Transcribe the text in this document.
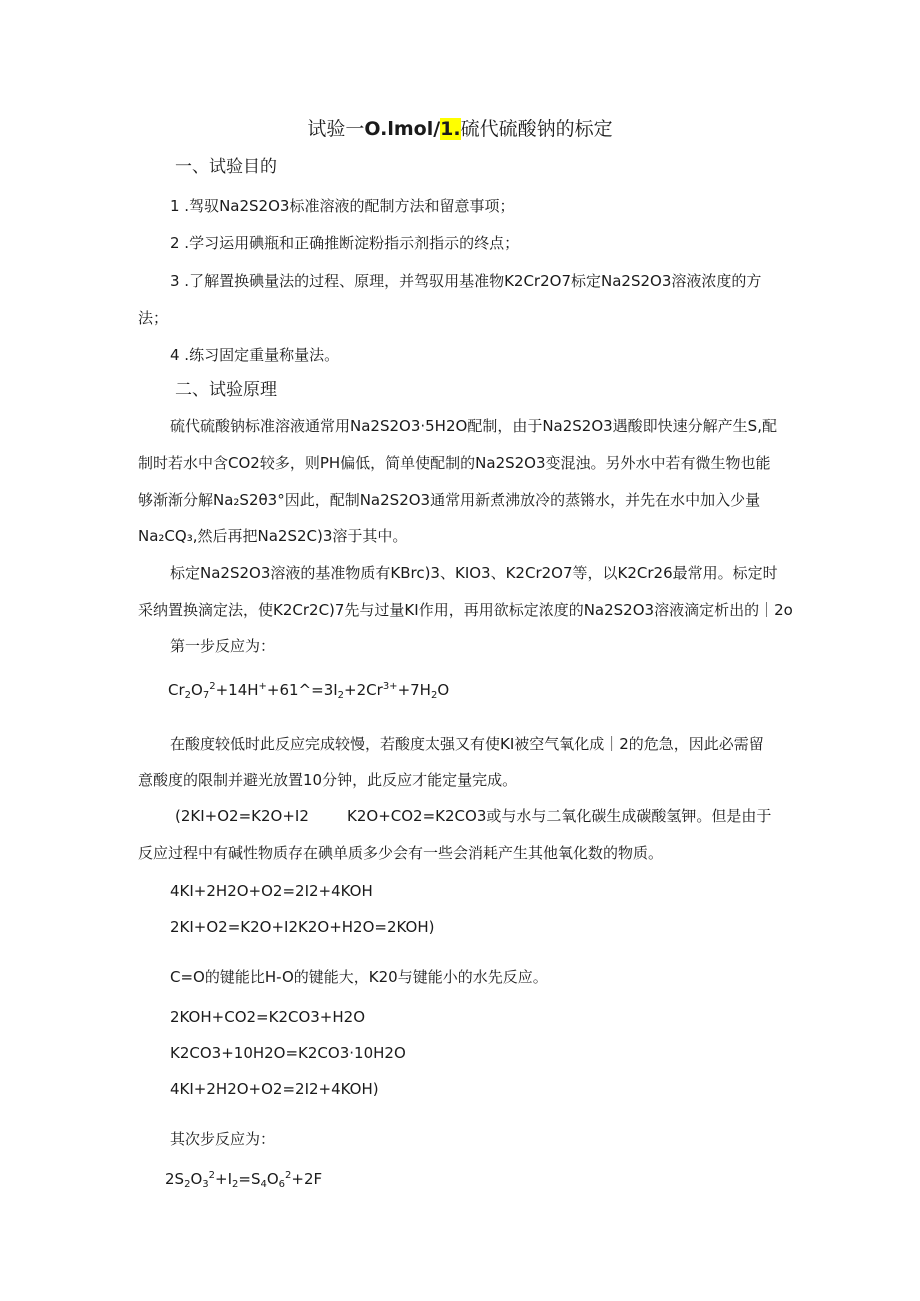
试验一O.lmol/1.硫代硫酸钠的标定
一、试验目的
1 .驾驭Na2S2O3标准溶液的配制方法和留意事项；
2 .学习运用碘瓶和正确推断淀粉指示剂指示的终点；
3 .了解置换碘量法的过程、原理，并驾驭用基准物K2Cr2O7标定Na2S2O3溶液浓度的方
法；
4 .练习固定重量称量法。
二、试验原理
硫代硫酸钠标准溶液通常用Na2S2O3·5H2O配制，由于Na2S2O3遇酸即快速分解产生S,配
制时若水中含CO2较多，则PH偏低，简单使配制的Na2S2O3变混浊。另外水中若有微生物也能
够渐渐分解Na₂S2θ3°因此，配制Na2S2O3通常用新煮沸放冷的蒸锵水，并先在水中加入少量
Na₂CQ₃,然后再把Na2S2C)3溶于其中。
标定Na2S2O3溶液的基准物质有KBrc)3、KIO3、K2Cr2O7等，以K2Cr26最常用。标定时
采纳置换滴定法，使K2Cr2C)7先与过量KI作用，再用欲标定浓度的Na2S2O3溶液滴定析出的｜2o
第一步反应为：
$Cr_2O_7^2+14H^++61\^{}=3I_2+2Cr^{3+}+7H_2O$
在酸度较低时此反应完成较慢，若酸度太强又有使KI被空气氧化成｜2的危急，因此必需留
意酸度的限制并避光放置10分钟，此反应才能定量完成。
(2KI+O2=K2O+I2        K2O+CO2=K2CO3或与水与二氧化碳生成碳酸氢钾。但是由于
反应过程中有碱性物质存在碘单质多少会有一些会消耗产生其他氧化数的物质。
4KI+2H2O+O2=2I2+4KOH
2KI+O2=K2O+I2K2O+H2O=2KOH)
C=O的键能比H-O的键能大，K20与键能小的水先反应。
2KOH+CO2=K2CO3+H2O
K2CO3+10H2O=K2CO3·10H2O
4KI+2H2O+O2=2I2+4KOH)
其次步反应为：
$2S_2O_3^2+I_2=S_4O_6^2+2F$
